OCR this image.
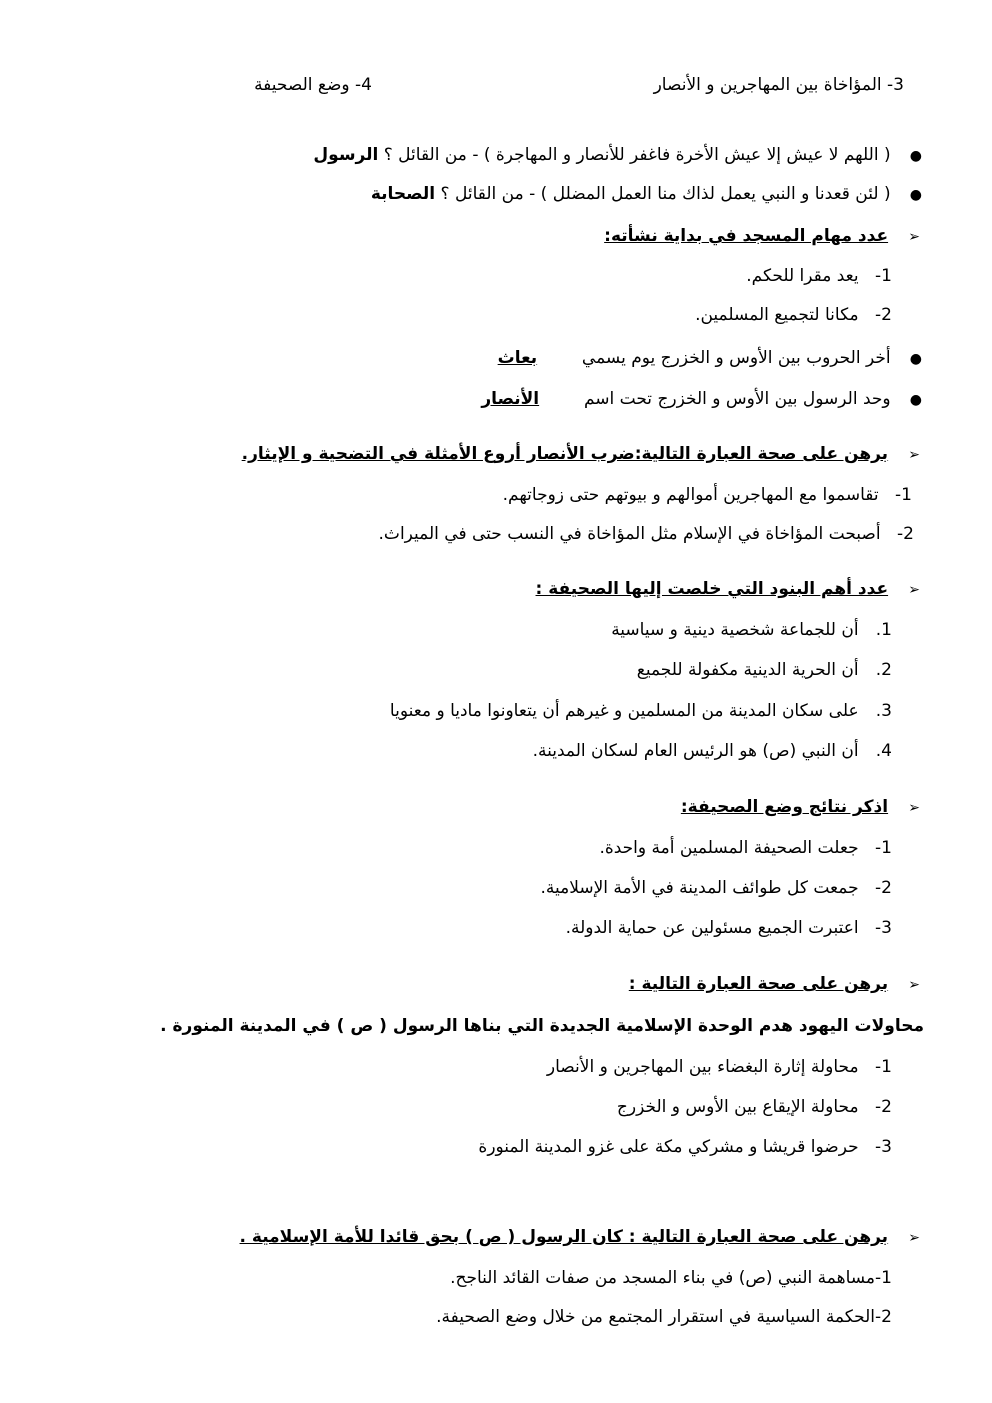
3- المؤاخاة بين المهاجرين و الأنصار
4- وضع الصحيفة
● ( اللهم لا عيش إلا عيش الأخرة فاغفر للأنصار و المهاجرة ) - من القائل ؟ الرسول
● ( لئن قعدنا و النبي يعمل لذاك منا العمل المضلل ) - من القائل ؟ الصحابة
➢ عدد مهام المسجد في بداية نشأته:
1- يعد مقرا للحكم.
2- مكانا لتجميع المسلمين.
● أخر الحروب بين الأوس و الخزرج يوم يسمي  بعاث
● وحد الرسول بين الأوس و الخزرج تحت اسم  الأنصار
➢ برهن على صحة العبارة التالية:ضرب الأنصار أروع الأمثلة في التضحية و الإيثار.
1- تقاسموا مع المهاجرين أموالهم و بيوتهم حتى زوجاتهم.
2- أصبحت المؤاخاة في الإسلام مثل المؤاخاة في النسب حتى في الميراث.
➢ عدد أهم البنود التي خلصت إليها الصحيفة :
1. أن للجماعة شخصية دينية و سياسية
2. أن الحرية الدينية مكفولة للجميع
3. على سكان المدينة من المسلمين و غيرهم أن يتعاونوا ماديا و معنويا
4. أن النبي (ص) هو الرئيس العام لسكان المدينة.
➢ اذكر نتائج وضع الصحيفة:
1- جعلت الصحيفة المسلمين أمة واحدة.
2- جمعت كل طوائف المدينة في الأمة الإسلامية.
3- اعتبرت الجميع مسئولين عن حماية الدولة.
➢ برهن على صحة العبارة التالية :
محاولات اليهود هدم الوحدة الإسلامية الجديدة التي بناها الرسول ( ص ) في المدينة المنورة .
1- محاولة إثارة البغضاء بين المهاجرين و الأنصار
2- محاولة الإيقاع بين الأوس و الخزرج
3- حرضوا قريشا و مشركي مكة على غزو المدينة المنورة
➢ برهن على صحة العبارة التالية : كان الرسول ( ص ) بحق قائدا للأمة الإسلامية .
1-مساهمة النبي (ص) في بناء المسجد من صفات القائد الناجح.
2-الحكمة السياسية في استقرار المجتمع من خلال وضع الصحيفة.
